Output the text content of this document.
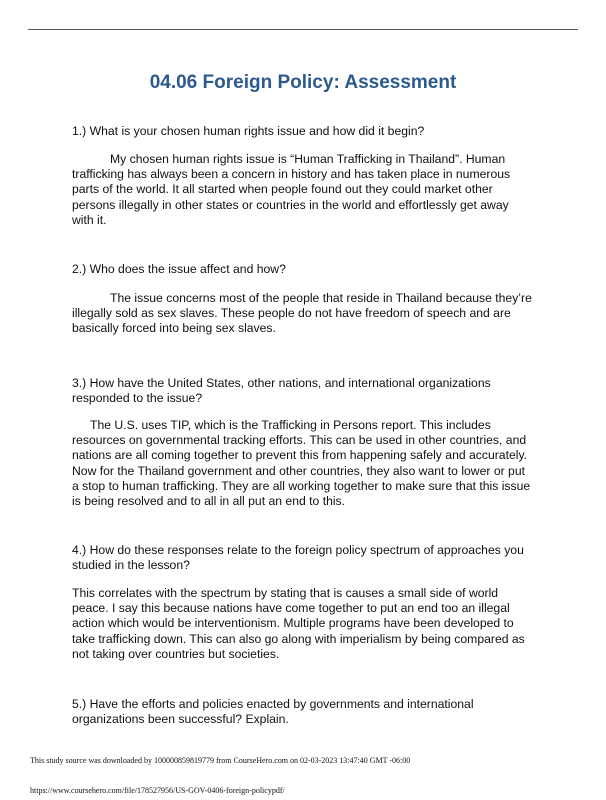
04.06 Foreign Policy: Assessment

1.) What is your chosen human rights issue and how did it begin?

My chosen human rights issue is “Human Trafficking in Thailand”. Human trafficking has always been a concern in history and has taken place in numerous parts of the world. It all started when people found out they could market other persons illegally in other states or countries in the world and effortlessly get away with it.

2.) Who does the issue affect and how?

The issue concerns most of the people that reside in Thailand because they’re illegally sold as sex slaves. These people do not have freedom of speech and are basically forced into being sex slaves.

3.) How have the United States, other nations, and international organizations responded to the issue?

The U.S. uses TIP, which is the Trafficking in Persons report. This includes resources on governmental tracking efforts. This can be used in other countries, and nations are all coming together to prevent this from happening safely and accurately. Now for the Thailand government and other countries, they also want to lower or put a stop to human trafficking. They are all working together to make sure that this issue is being resolved and to all in all put an end to this.

4.) How do these responses relate to the foreign policy spectrum of approaches you studied in the lesson?

This correlates with the spectrum by stating that is causes a small side of world peace. I say this because nations have come together to put an end too an illegal action which would be interventionism. Multiple programs have been developed to take trafficking down. This can also go along with imperialism by being compared as not taking over countries but societies.

5.) Have the efforts and policies enacted by governments and international organizations been successful? Explain.

This study source was downloaded by 100000859819779 from CourseHero.com on 02-03-2023 13:47:40 GMT -06:00

https://www.coursehero.com/file/178527956/US-GOV-0406-foreign-policypdf/
